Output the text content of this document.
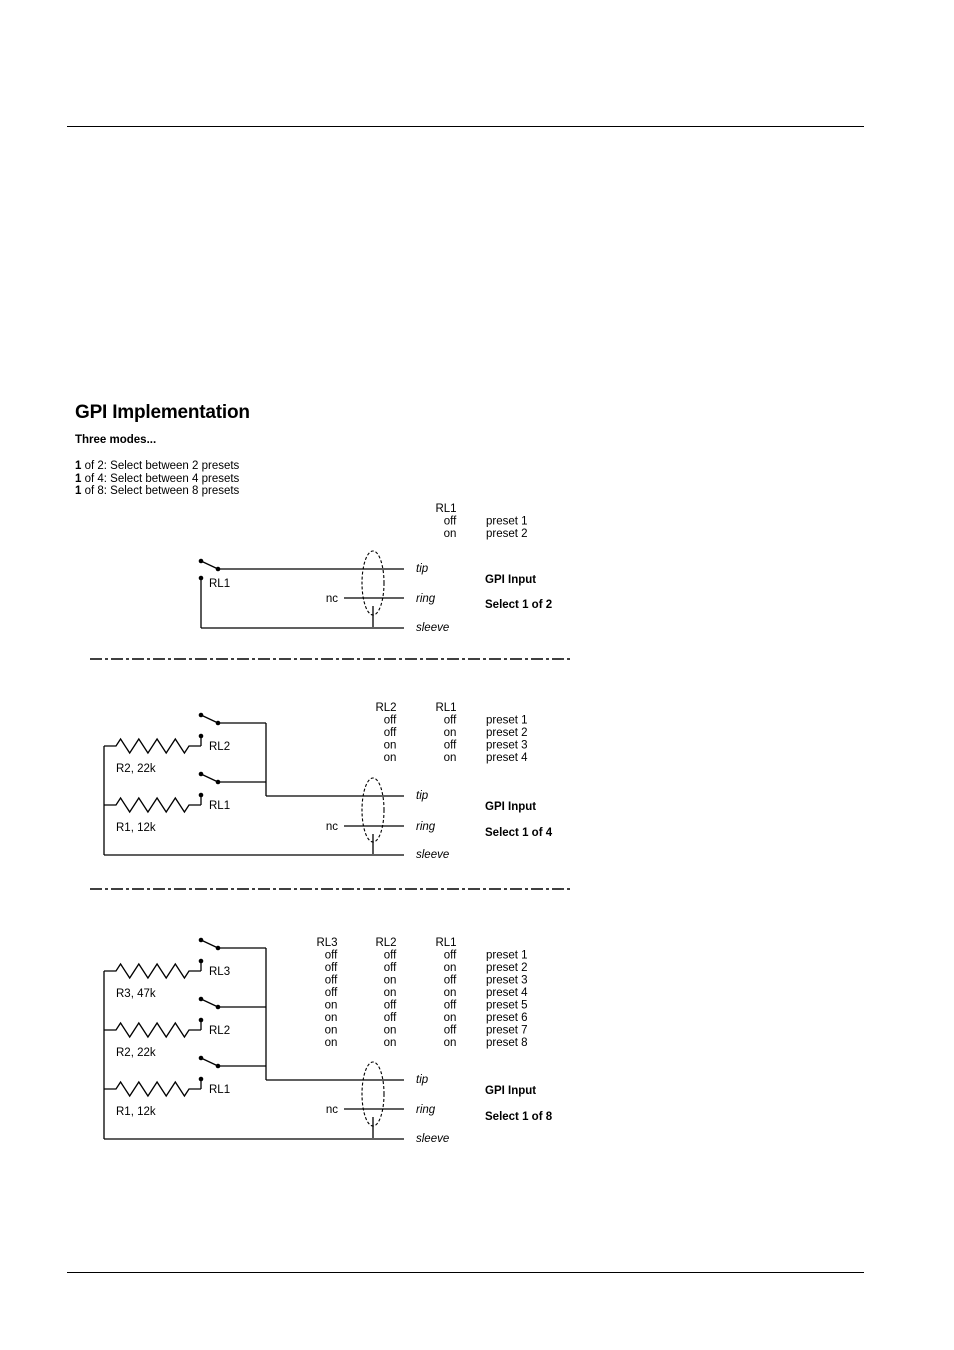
GPI Implementation
Three modes...
1 of 2: Select between 2 presets
1 of 4: Select between 4 presets
1 of 8: Select between 8 presets
RL1
off	preset 1
on	preset 2
RL1
tip
ring
sleeve
nc
GPI Input
Select 1 of 2
RL2	RL1
off	off	preset 1
off	on	preset 2
on	off	preset 3
on	on	preset 4
RL2
R2, 22k
RL1
R1, 12k
tip
ring
sleeve
nc
GPI Input
Select 1 of 4
RL3	RL2	RL1
off	off	off	preset 1
off	off	on	preset 2
off	on	off	preset 3
off	on	on	preset 4
on	off	off	preset 5
on	off	on	preset 6
on	on	off	preset 7
on	on	on	preset 8
RL3
R3, 47k
RL2
R2, 22k
RL1
R1, 12k
tip
ring
sleeve
nc
GPI Input
Select 1 of 8
